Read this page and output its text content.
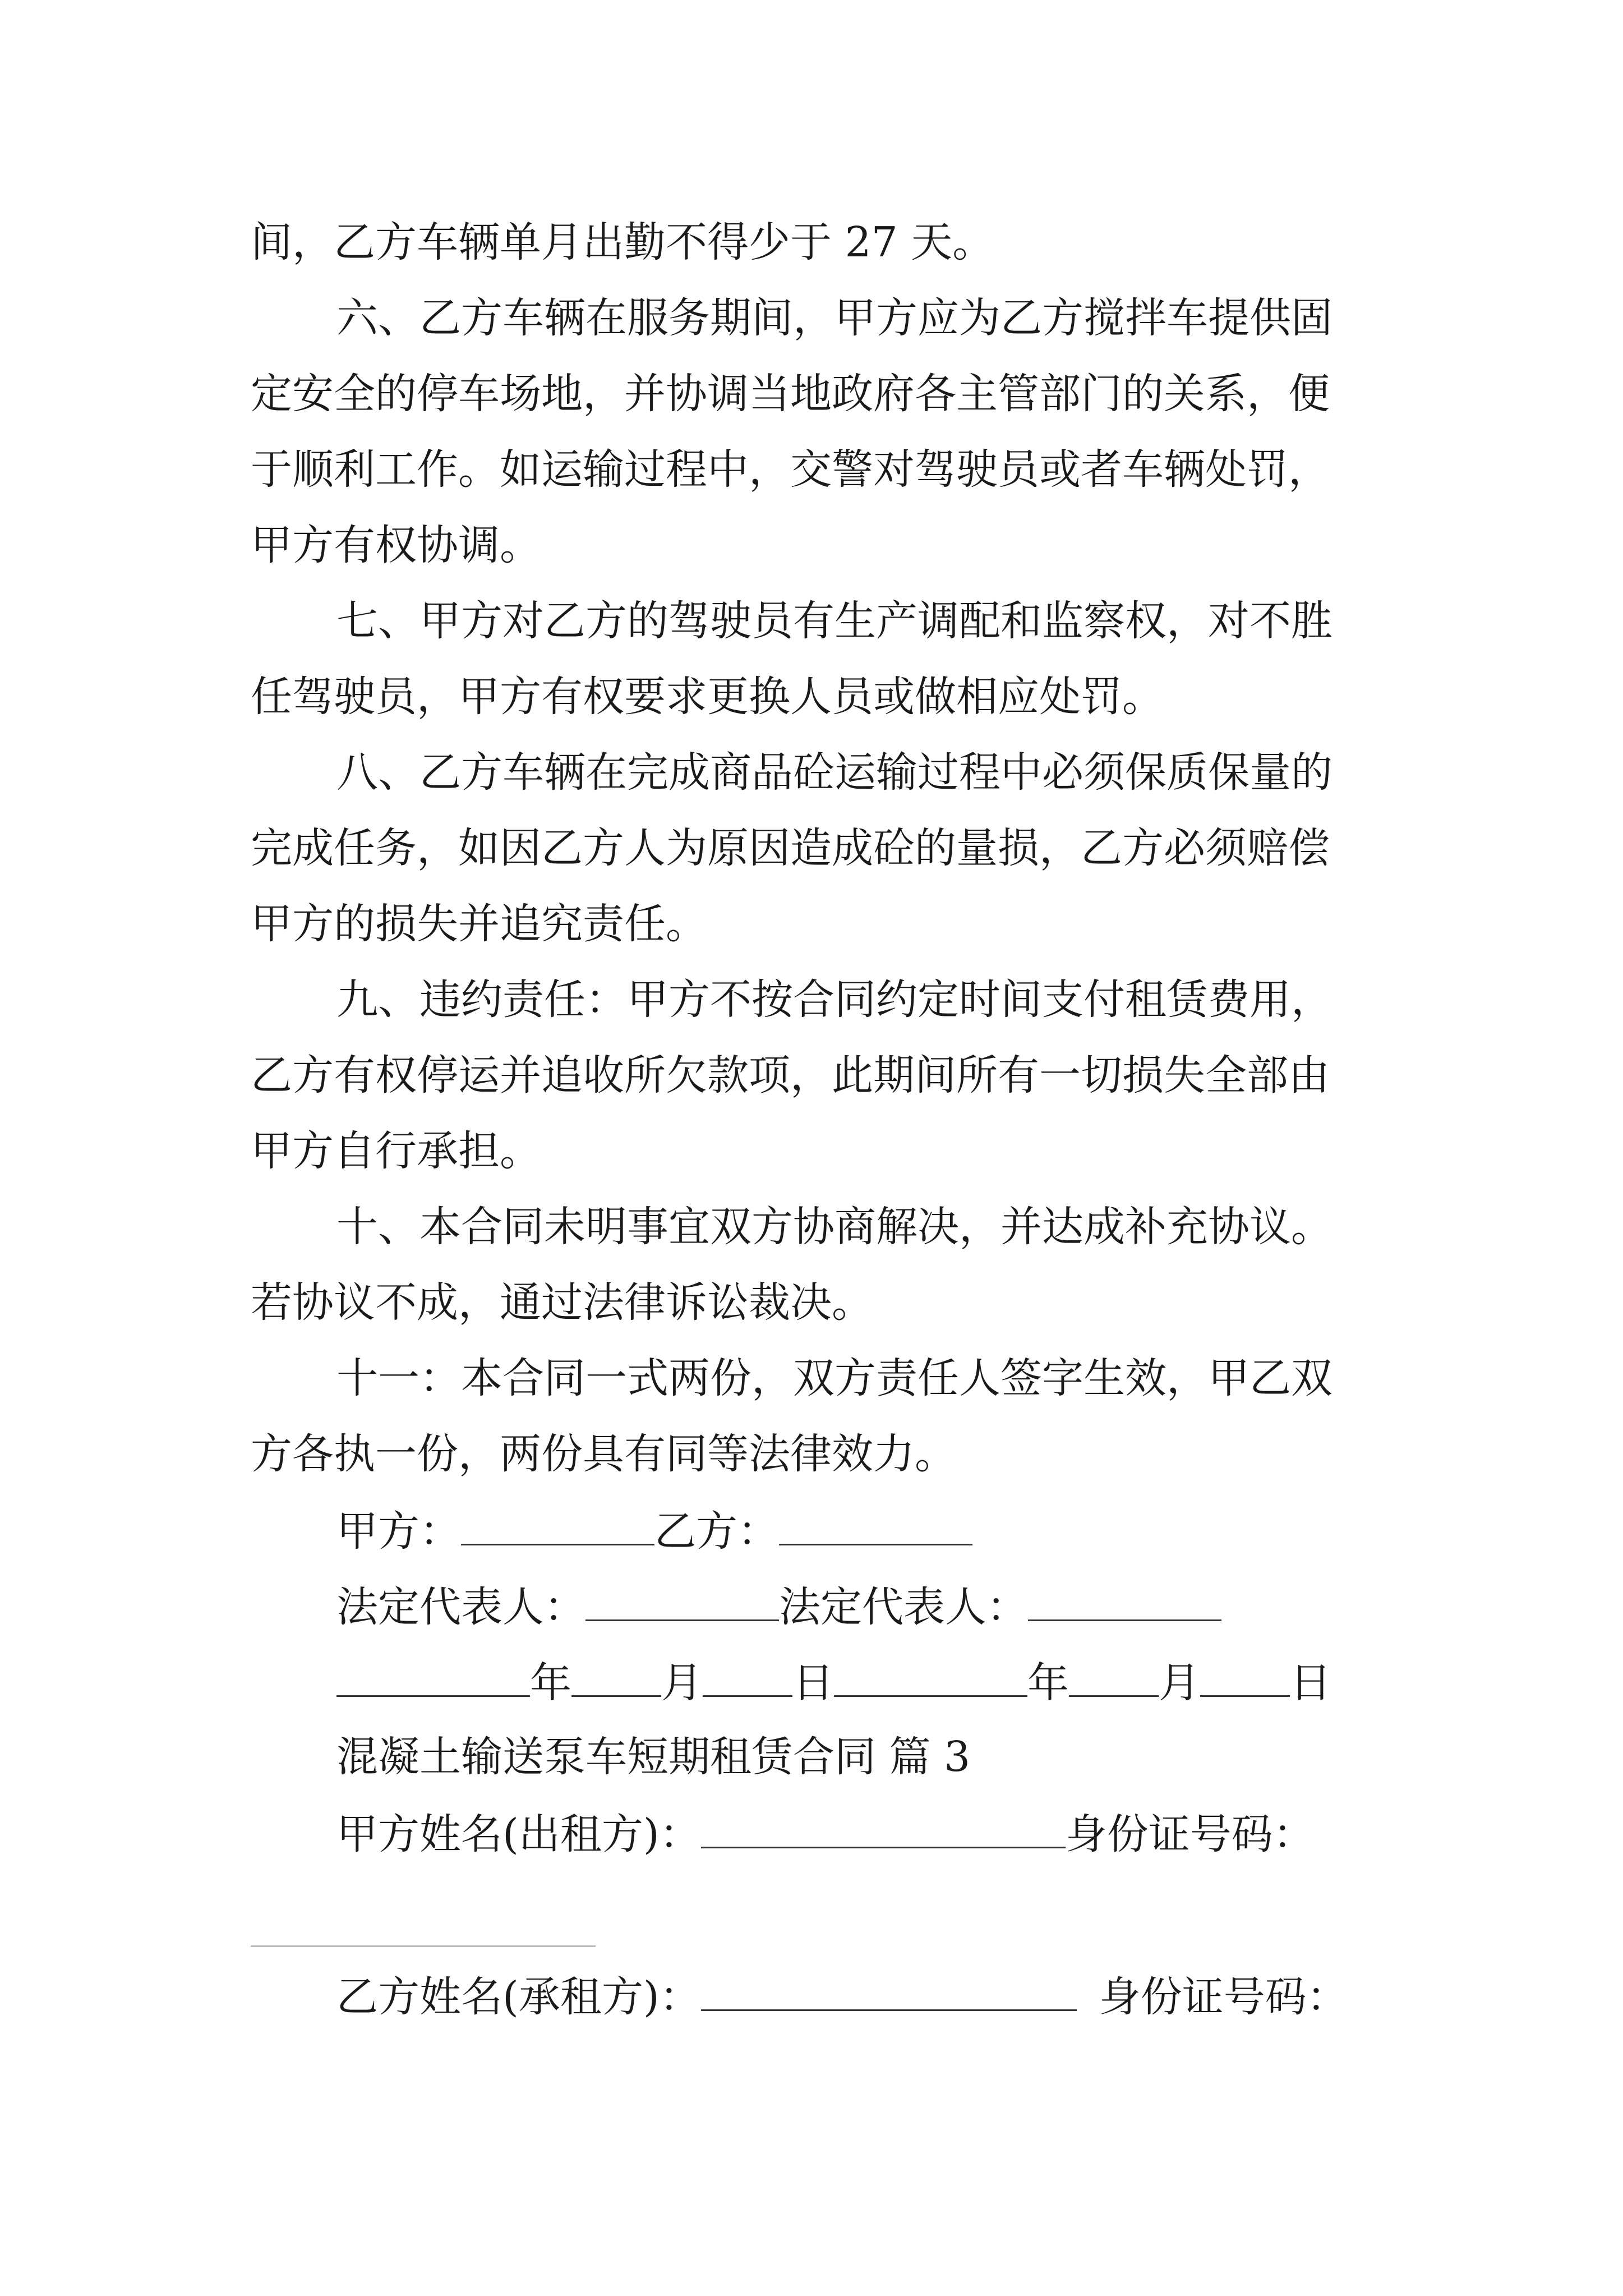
间，乙方车辆单月出勤不得少于 27 天。
六、乙方车辆在服务期间，甲方应为乙方搅拌车提供固
定安全的停车场地，并协调当地政府各主管部门的关系，便
于顺利工作。如运输过程中，交警对驾驶员或者车辆处罚，
甲方有权协调。
七、甲方对乙方的驾驶员有生产调配和监察权，对不胜
任驾驶员，甲方有权要求更换人员或做相应处罚。
八、乙方车辆在完成商品砼运输过程中必须保质保量的
完成任务，如因乙方人为原因造成砼的量损，乙方必须赔偿
甲方的损失并追究责任。
九、违约责任：甲方不按合同约定时间支付租赁费用，
乙方有权停运并追收所欠款项，此期间所有一切损失全部由
甲方自行承担。
十、本合同未明事宜双方协商解决，并达成补充协议。
若协议不成，通过法律诉讼裁决。
十一：本合同一式两份，双方责任人签字生效，甲乙双
方各执一份，两份具有同等法律效力。
甲方：	乙方：
法定代表人：	法定代表人：
年 月 日	年 月 日
混凝土输送泵车短期租赁合同 篇 3
甲方姓名(出租方)：	身份证号码：
乙方姓名(承租方)：	身份证号码：
